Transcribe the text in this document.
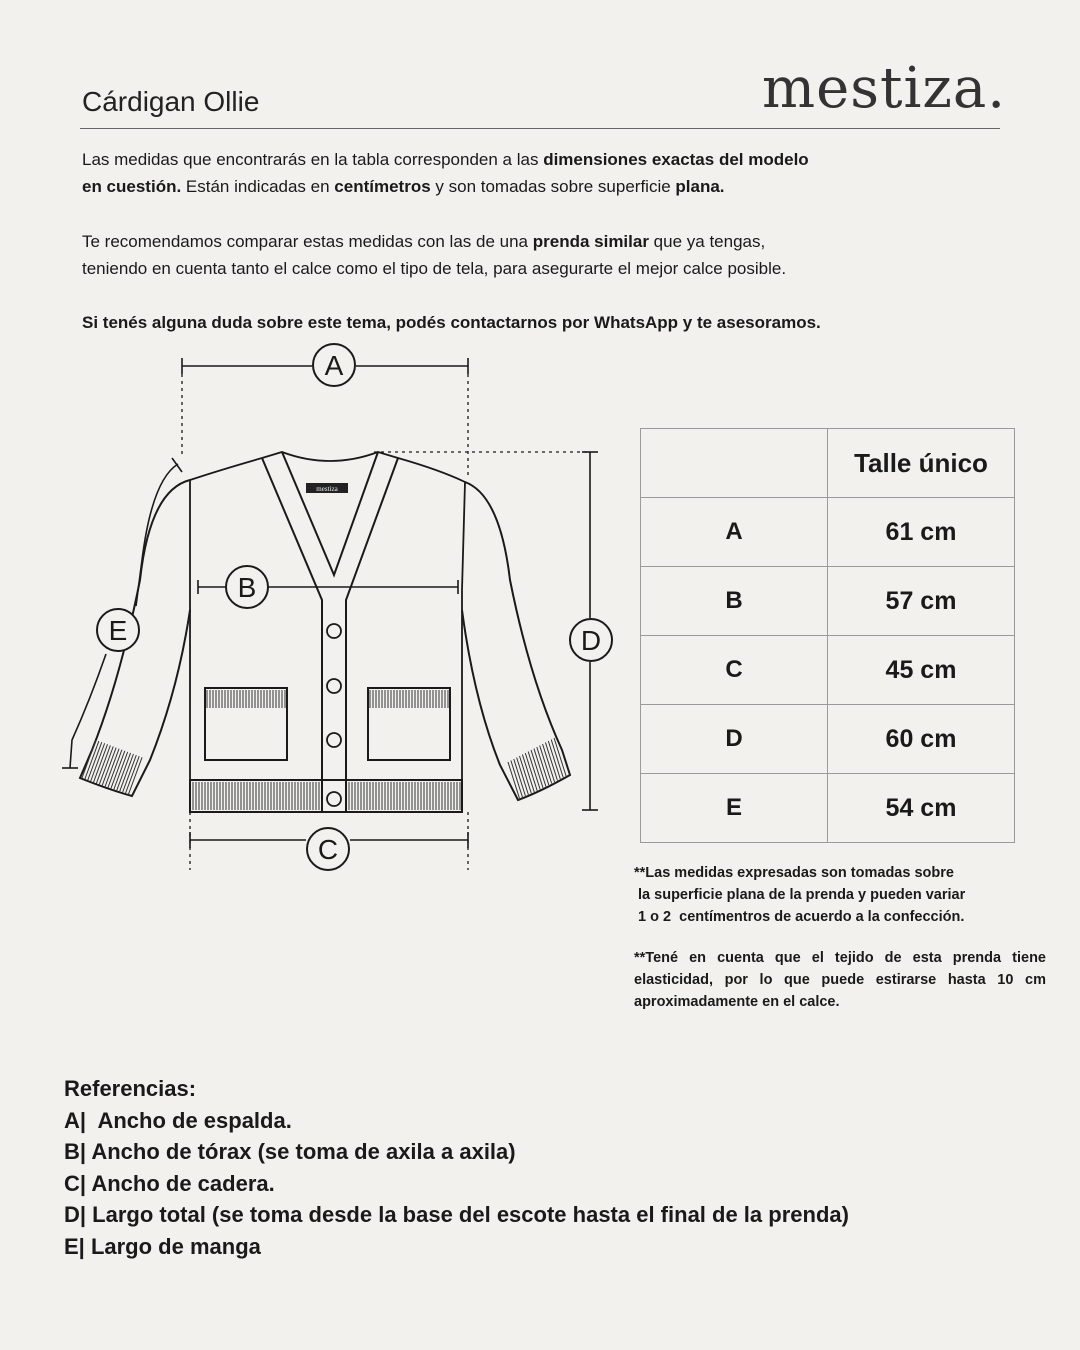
Cárdigan Ollie	mestiza.
Las medidas que encontrarás en la tabla corresponden a las dimensiones exactas del modelo
en cuestión. Están indicadas en centímetros y son tomadas sobre superficie plana.
Te recomendamos comparar estas medidas con las de una prenda similar que ya tengas,
teniendo en cuenta tanto el calce como el tipo de tela, para asegurarte el mejor calce posible.
Si tenés alguna duda sobre este tema, podés contactarnos por WhatsApp y te asesoramos.
mestiza
A
B
C
D
E
	Talle único
A	61 cm
B	57 cm
C	45 cm
D	60 cm
E	54 cm
**Las medidas expresadas son tomadas sobre
la superficie plana de la prenda y pueden variar
1 o 2  centímentros de acuerdo a la confección.
**Tené en cuenta que el tejido de esta prenda tiene elasticidad, por lo que puede estirarse hasta 10 cm aproximadamente en el calce.
Referencias:
A|  Ancho de espalda.
B| Ancho de tórax (se toma de axila a axila)
C| Ancho de cadera.
D| Largo total (se toma desde la base del escote hasta el final de la prenda)
E| Largo de manga
